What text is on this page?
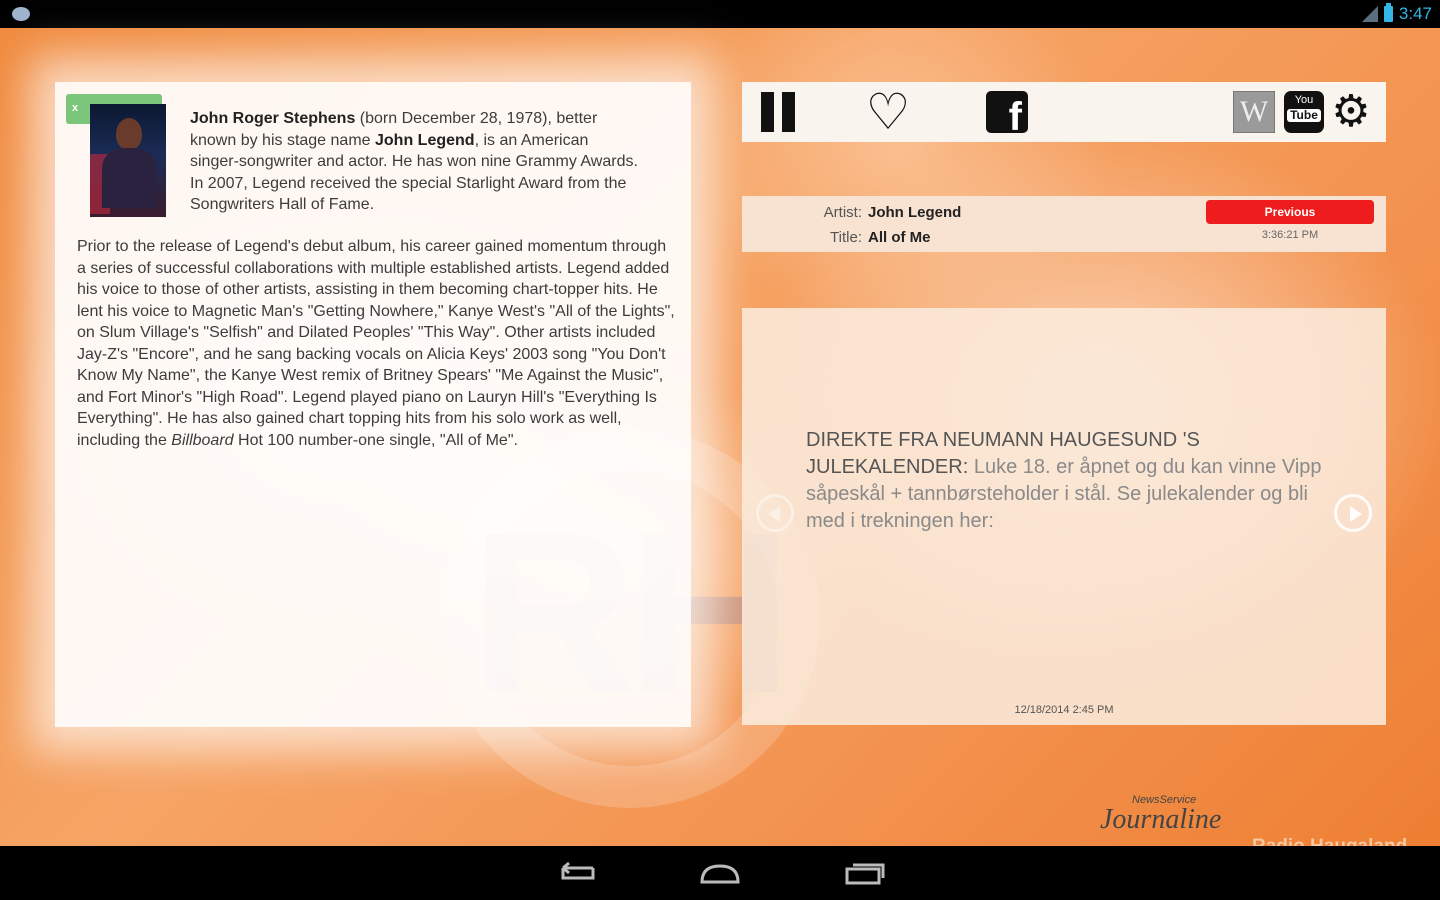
3:47
x
John Roger Stephens (born December 28, 1978), better known by his stage name John Legend, is an American singer-songwriter and actor. He has won nine Grammy Awards. In 2007, Legend received the special Starlight Award from the Songwriters Hall of Fame.
Prior to the release of Legend's debut album, his career gained momentum through a series of successful collaborations with multiple established artists. Legend added his voice to those of other artists, assisting in them becoming chart-topper hits. He lent his voice to Magnetic Man's "Getting Nowhere," Kanye West's "All of the Lights", on Slum Village's "Selfish" and Dilated Peoples' "This Way". Other artists included Jay-Z's "Encore", and he sang backing vocals on Alicia Keys' 2003 song "You Don't Know My Name", the Kanye West remix of Britney Spears' "Me Against the Music", and Fort Minor's "High Road". Legend played piano on Lauryn Hill's "Everything Is Everything". He has also gained chart topping hits from his solo work as well, including the Billboard Hot 100 number-one single, "All of Me".
♡ f	W	You
Tube ⚙
Artist: John Legend
Title: All of Me
Previous
3:36:21 PM
DIREKTE FRA NEUMANN HAUGESUND 'S JULEKALENDER: Luke 18. er åpnet og du kan vinne Vipp såpeskål + tannbørsteholder i stål. Se julekalender og bli med i trekningen her:
12/18/2014 2:45 PM
NewsService
Journaline
